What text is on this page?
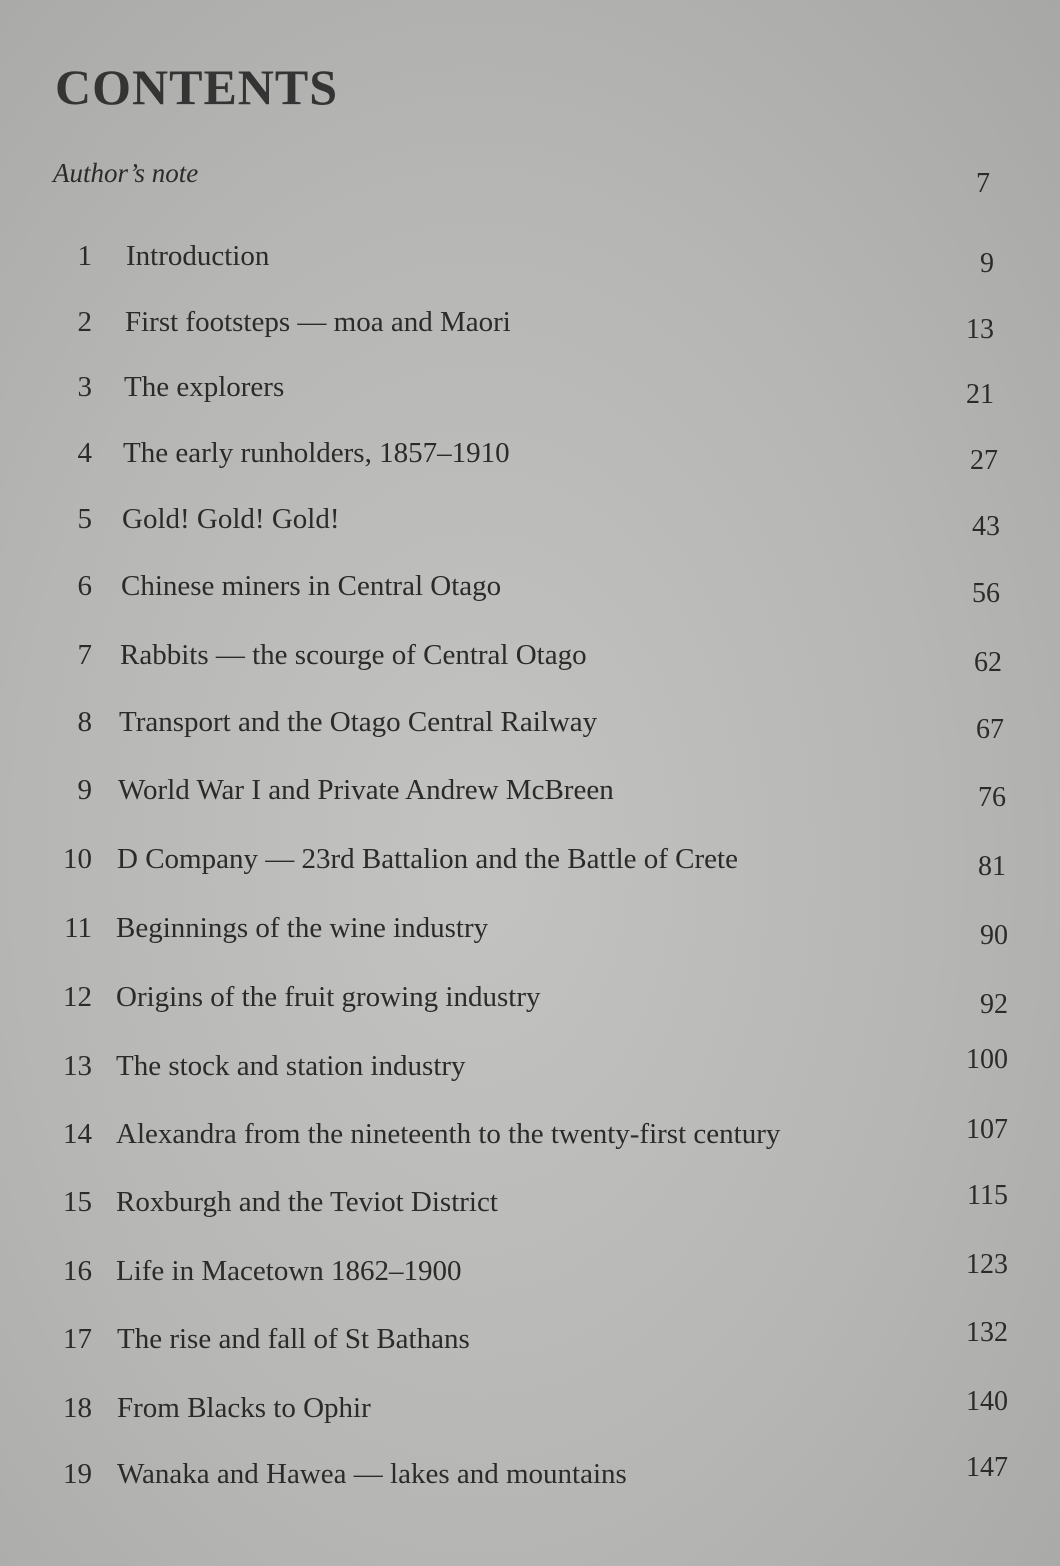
CONTENTS
Author’s note	7
1 Introduction	9
2 First footsteps — moa and Maori	13
3 The explorers	21
4 The early runholders, 1857–1910	27
5 Gold! Gold! Gold!	43
6 Chinese miners in Central Otago	56
7 Rabbits — the scourge of Central Otago	62
8 Transport and the Otago Central Railway	67
9 World War I and Private Andrew McBreen	76
10 D Company — 23rd Battalion and the Battle of Crete	81
11 Beginnings of the wine industry	90
12 Origins of the fruit growing industry	92
13 The stock and station industry	100
14 Alexandra from the nineteenth to the twenty-first century	107
15 Roxburgh and the Teviot District	115
16 Life in Macetown 1862–1900	123
17 The rise and fall of St Bathans	132
18 From Blacks to Ophir	140
19 Wanaka and Hawea — lakes and mountains	147
